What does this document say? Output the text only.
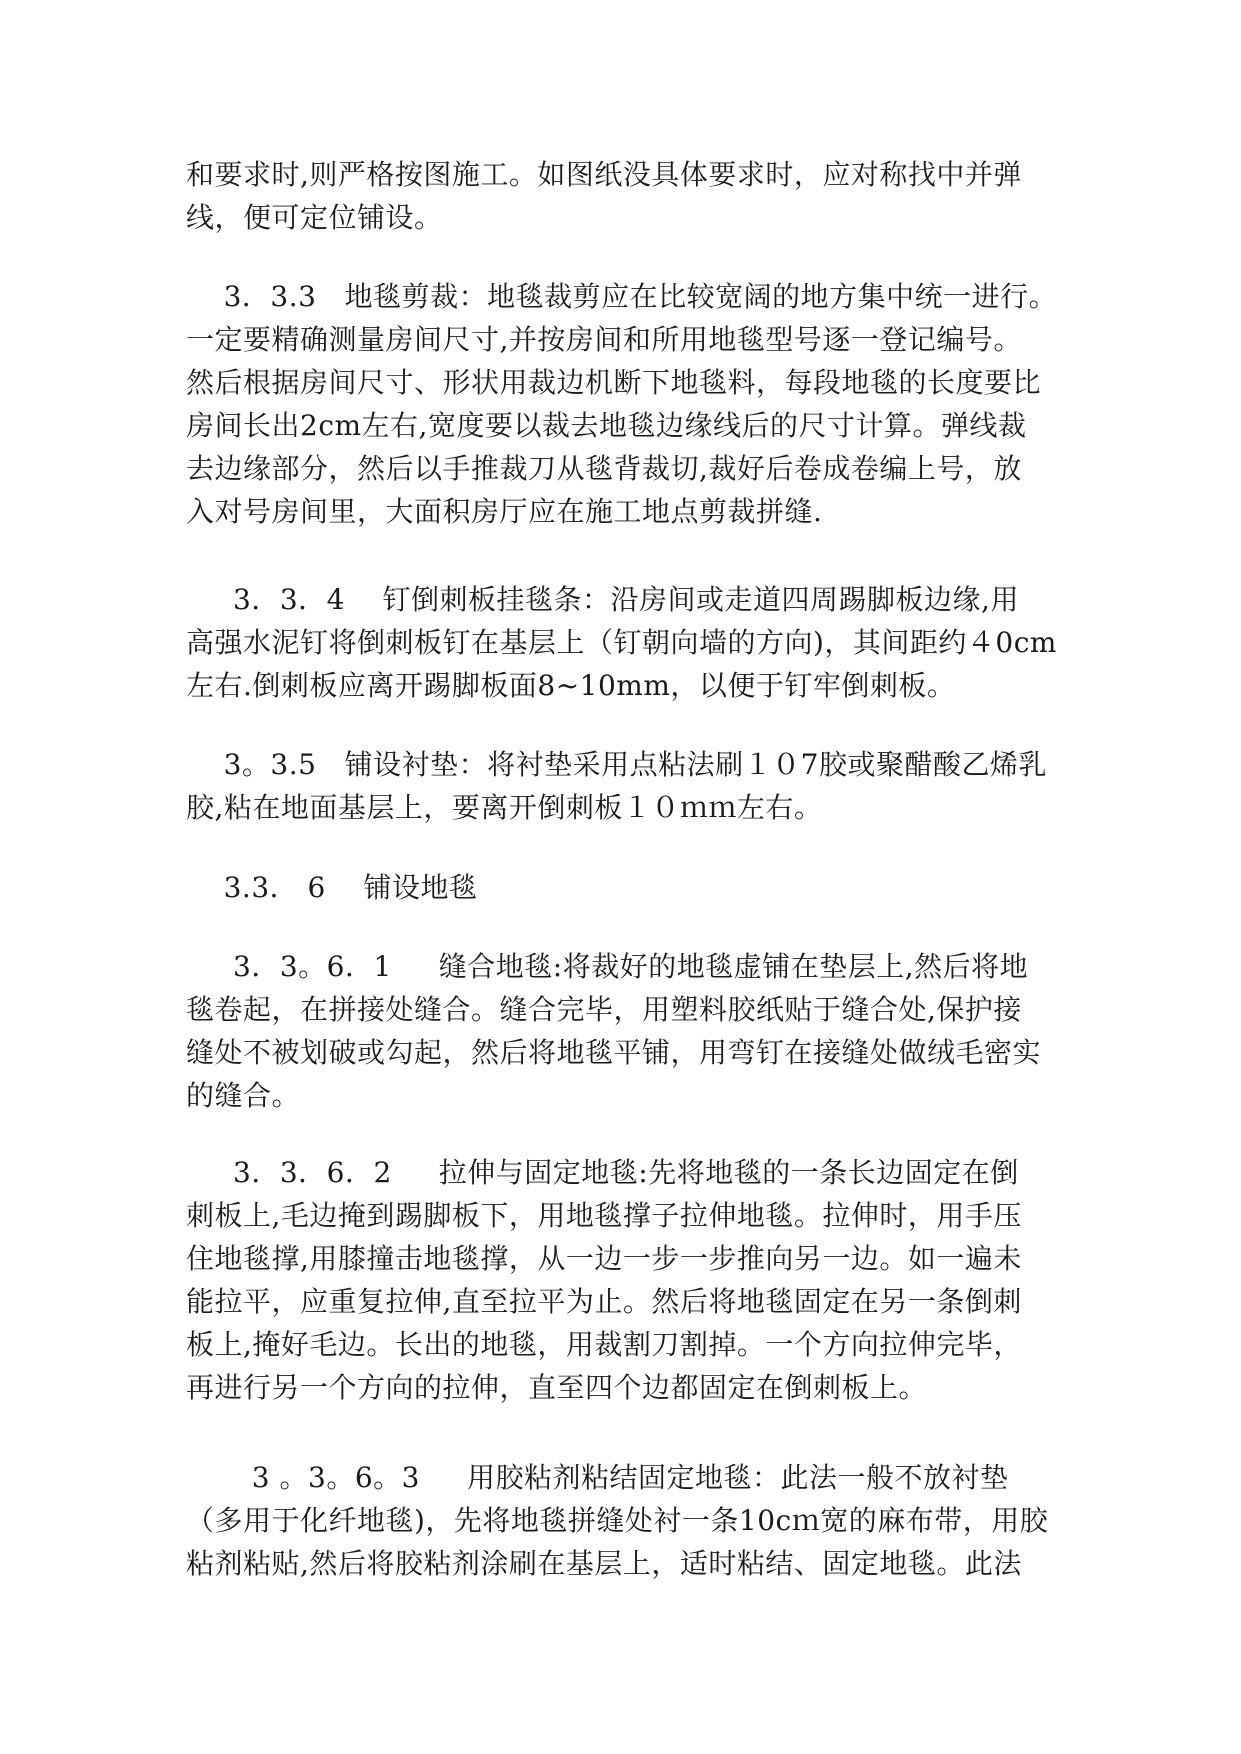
和要求时,则严格按图施工。如图纸没具体要求时，应对称找中并弹
线，便可定位铺设。
3．3.3   地毯剪裁：地毯裁剪应在比较宽阔的地方集中统一进行。
一定要精确测量房间尺寸,并按房间和所用地毯型号逐一登记编号。
然后根据房间尺寸、形状用裁边机断下地毯料，每段地毯的长度要比
房间长出2cm左右,宽度要以裁去地毯边缘线后的尺寸计算。弹线裁
去边缘部分，然后以手推裁刀从毯背裁切,裁好后卷成卷编上号，放
入对号房间里，大面积房厅应在施工地点剪裁拼缝.
3．3．4    钉倒刺板挂毯条：沿房间或走道四周踢脚板边缘,用
高强水泥钉将倒刺板钉在基层上（钉朝向墙的方向)，其间距约４0cm
左右.倒刺板应离开踢脚板面8~10mm，以便于钉牢倒刺板。
3。3.5   铺设衬垫：将衬垫采用点粘法刷１０7胶或聚醋酸乙烯乳
胶,粘在地面基层上，要离开倒刺板１０ｍｍ左右。
3.3． 6    铺设地毯
3．3。6．1     缝合地毯:将裁好的地毯虚铺在垫层上,然后将地
毯卷起，在拼接处缝合。缝合完毕，用塑料胶纸贴于缝合处,保护接
缝处不被划破或勾起，然后将地毯平铺，用弯钉在接缝处做绒毛密实
的缝合。
3．3．6．2     拉伸与固定地毯:先将地毯的一条长边固定在倒
刺板上,毛边掩到踢脚板下，用地毯撑子拉伸地毯。拉伸时，用手压
住地毯撑,用膝撞击地毯撑，从一边一步一步推向另一边。如一遍未
能拉平，应重复拉伸,直至拉平为止。然后将地毯固定在另一条倒刺
板上,掩好毛边。长出的地毯，用裁割刀割掉。一个方向拉伸完毕，
再进行另一个方向的拉伸，直至四个边都固定在倒刺板上。
3 。3。6。3     用胶粘剂粘结固定地毯：此法一般不放衬垫
（多用于化纤地毯)，先将地毯拼缝处衬一条10cｍ宽的麻布带，用胶
粘剂粘贴,然后将胶粘剂涂刷在基层上，适时粘结、固定地毯。此法
